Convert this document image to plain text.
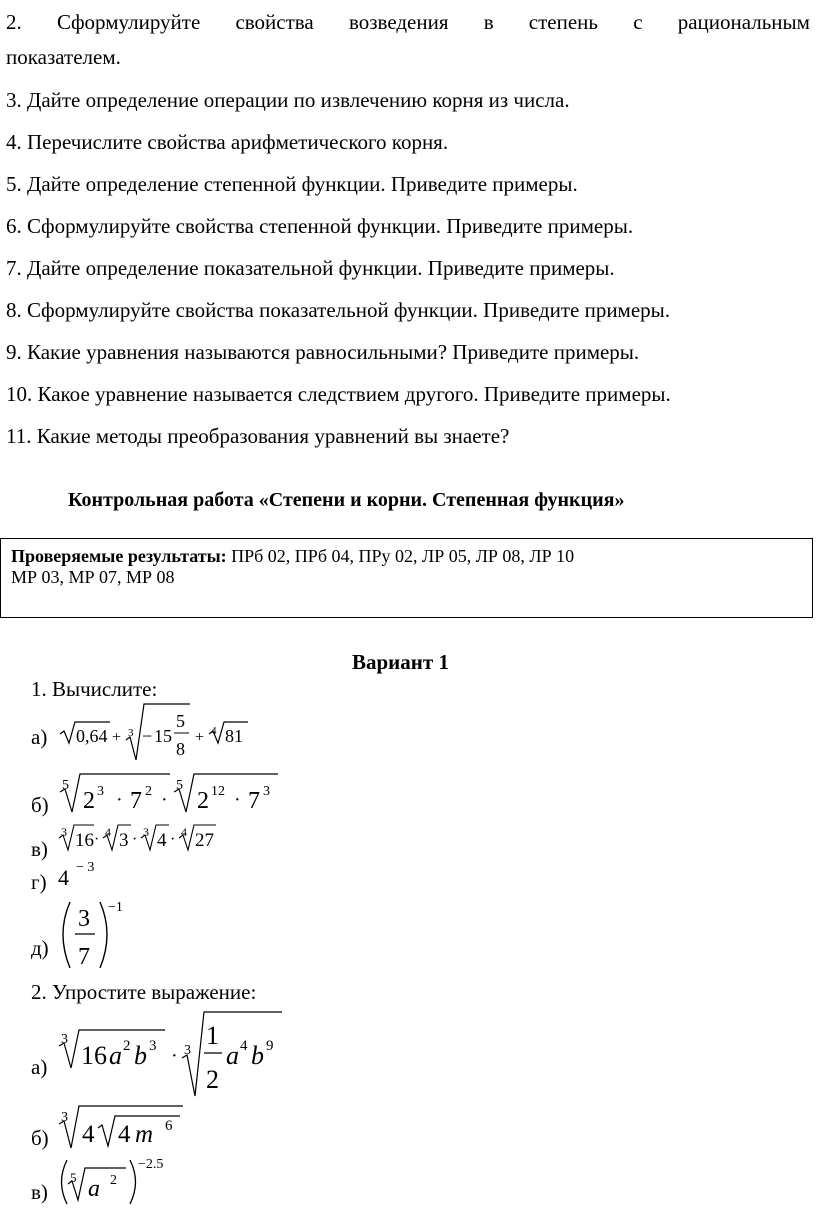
2. Сформулируйте свойства возведения в степень с рациональным
показателем.
3. Дайте определение операции по извлечению корня из числа.
4. Перечислите свойства арифметического корня.
5. Дайте определение степенной функции. Приведите примеры.
6. Сформулируйте свойства степенной функции. Приведите примеры.
7. Дайте определение показательной функции. Приведите примеры.
8. Сформулируйте свойства показательной функции. Приведите примеры.
9. Какие уравнения называются равносильными? Приведите примеры.
10. Какое уравнение называется следствием другого. Приведите примеры.
11. Какие методы преобразования уравнений вы знаете?
Контрольная работа «Степени и корни. Степенная функция»
Проверяемые результаты: ПРб 02, ПРб 04, ПРу 02, ЛР 05, ЛР 08, ЛР 10
МР 03, МР 07, МР 08
Вариант 1
1. Вычислите:
а) 0,64 + 3 − 15
5
8
+ 4 81
б)
5
2 3 · 7 2 ·
5
2 12 · 7 3
в)
3 16 · 4 3 · 3 4 · 4 27
г) 4 − 3
д)
3
7
−1
2. Упростите выражение:
а)
3
16 a 2 b 3 · 3
1
2
a 4 b 9
б)
3
4 4 m 6
в)
5 a 2
−2.5
